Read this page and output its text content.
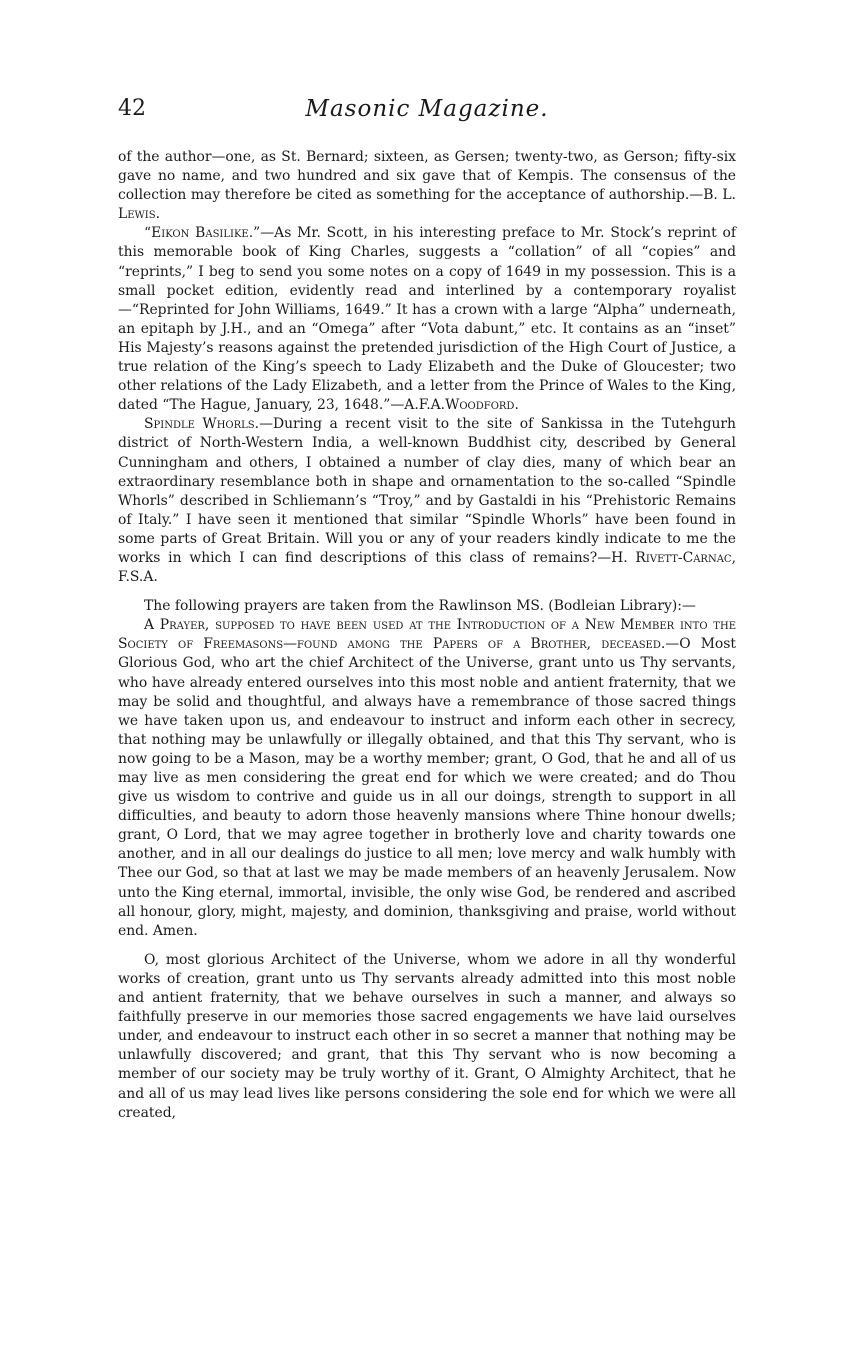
42	Masonic Magazine.

of the author—one, as St. Bernard; sixteen, as Gersen; twenty-two, as Gerson; fifty-six gave no name, and two hundred and six gave that of Kempis. The consensus of the collection may therefore be cited as something for the acceptance of authorship.—B. L. Lewis.

“Eikon Basilike.”—As Mr. Scott, in his interesting preface to Mr. Stock’s reprint of this memorable book of King Charles, suggests a “collation” of all “copies” and “reprints,” I beg to send you some notes on a copy of 1649 in my possession. This is a small pocket edition, evidently read and interlined by a contemporary royalist—“Reprinted for John Williams, 1649.” It has a crown with a large “Alpha” underneath, an epitaph by J.H., and an “Omega” after “Vota dabunt,” etc. It contains as an “inset” His Majesty’s reasons against the pretended jurisdiction of the High Court of Justice, a true relation of the King’s speech to Lady Elizabeth and the Duke of Gloucester; two other relations of the Lady Elizabeth, and a letter from the Prince of Wales to the King, dated “The Hague, January, 23, 1648.”—A.F.A.Woodford.

Spindle Whorls.—During a recent visit to the site of Sankissa in the Tutehgurh district of North-Western India, a well-known Buddhist city, described by General Cunningham and others, I obtained a number of clay dies, many of which bear an extraordinary resemblance both in shape and ornamentation to the so-called “Spindle Whorls” described in Schliemann’s “Troy,” and by Gastaldi in his “Prehistoric Remains of Italy.” I have seen it mentioned that similar “Spindle Whorls” have been found in some parts of Great Britain. Will you or any of your readers kindly indicate to me the works in which I can find descriptions of this class of remains?—H. Rivett-Carnac, F.S.A.

The following prayers are taken from the Rawlinson MS. (Bodleian Library):—

A Prayer, supposed to have been used at the Introduction of a New Member into the Society of Freemasons—found among the Papers of a Brother, deceased.—O Most Glorious God, who art the chief Architect of the Universe, grant unto us Thy servants, who have already entered ourselves into this most noble and antient fraternity, that we may be solid and thoughtful, and always have a remembrance of those sacred things we have taken upon us, and endeavour to instruct and inform each other in secrecy, that nothing may be unlawfully or illegally obtained, and that this Thy servant, who is now going to be a Mason, may be a worthy member; grant, O God, that he and all of us may live as men considering the great end for which we were created; and do Thou give us wisdom to contrive and guide us in all our doings, strength to support in all difficulties, and beauty to adorn those heavenly mansions where Thine honour dwells; grant, O Lord, that we may agree together in brotherly love and charity towards one another, and in all our dealings do justice to all men; love mercy and walk humbly with Thee our God, so that at last we may be made members of an heavenly Jerusalem. Now unto the King eternal, immortal, invisible, the only wise God, be rendered and ascribed all honour, glory, might, majesty, and dominion, thanksgiving and praise, world without end. Amen.

O, most glorious Architect of the Universe, whom we adore in all thy wonderful works of creation, grant unto us Thy servants already admitted into this most noble and antient fraternity, that we behave ourselves in such a manner, and always so faithfully preserve in our memories those sacred engagements we have laid ourselves under, and endeavour to instruct each other in so secret a manner that nothing may be unlawfully discovered; and grant, that this Thy servant who is now becoming a member of our society may be truly worthy of it. Grant, O Almighty Architect, that he and all of us may lead lives like persons considering the sole end for which we were all created,
